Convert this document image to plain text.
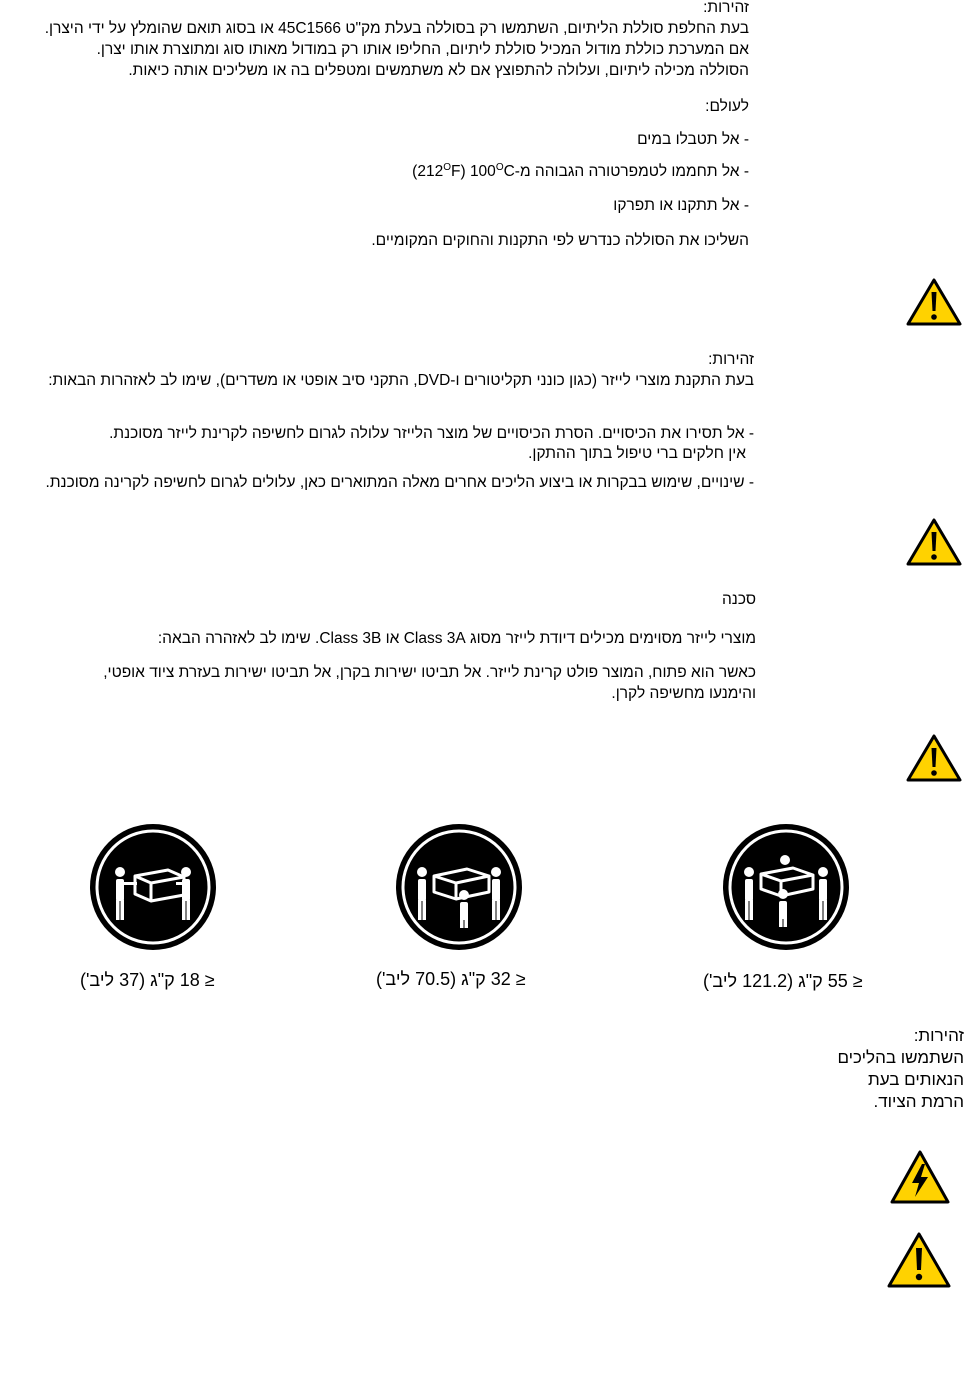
זהירות:

בעת החלפת סוללת הליתיום, השתמשו רק בסוללה בעלת מק"ט 45C1566 או בסוג תואם שהומלץ על ידי היצרן.

אם המערכת כוללת מודול המכיל סוללת ליתיום, החליפו אותו רק במודול מאותו סוג ומתוצרת אותו יצרן.

הסוללה מכילה ליתיום, ועלולה להתפוצץ אם לא משתמשים ומטפלים בה או משליכים אותה כיאות.

לעולם:

- אל תטבלו במים

- אל תחממו לטמפרטורה הגבוהה $מ-100^OC$ $(212^OF)$

- אל תתקנו או תפרקו

השליכו את הסוללה כנדרש לפי התקנות והחוקים המקומיים.

זהירות:

בעת התקנת מוצרי לייזר (כגון כונני תקליטורים ו-DVD, התקני סיב אופטי או משדרים), שימו לב לאזהרות הבאות:

- אל תסירו את הכיסויים. הסרת הכיסויים של מוצר הלייזר עלולה לגרום לחשיפה לקרינת לייזר מסוכנת.

אין חלקים ברי טיפול בתוך ההתקן.

- שינויים, שימוש בבקרות או ביצוע הליכים אחרים מאלה המתוארים כאן, עלולים לגרום לחשיפה לקרינה מסוכנת.

סכנה

מוצרי לייזר מסוימים מכילים דיודת לייזר מסוג Class 3A או Class 3B. שימו לב לאזהרה הבאה:

כאשר הוא פתוח, המוצר פולט קרינת לייזר. אל תביטו ישירות בקרן, אל תביטו ישירות בעזרת ציוד אופטי,

והימנעו מחשיפה לקרן.

≤ 18 ק"ג (37 ליב')	≤ 32 ק"ג (70.5 ליב')	≤ 55 ק"ג (121.2 ליב')

זהירות:

השתמשו בהליכים

הנאותים בעת

הרמת הציוד.
